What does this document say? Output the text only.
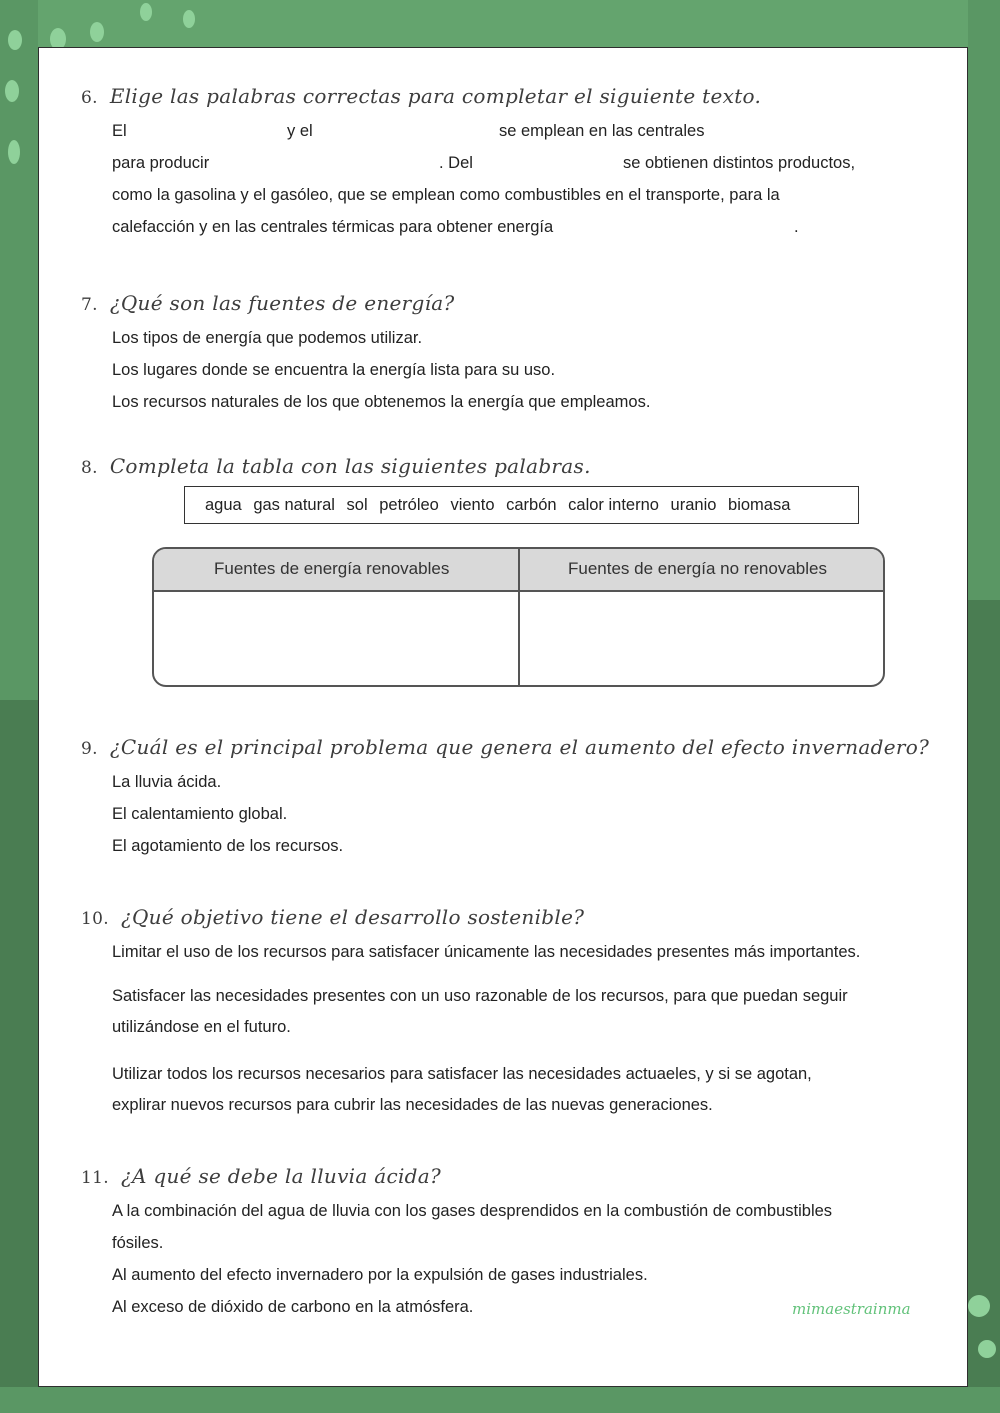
6. Elige las palabras correctas para completar el siguiente texto.
El	y el	se emplean en las centrales
para producir	. Del	se obtienen distintos productos,
como la gasolina y el gasóleo, que se emplean como combustibles en el transporte, para la
calefacción y en las centrales térmicas para obtener energía	.
7. ¿Qué son las fuentes de energía?
Los tipos de energía que podemos utilizar.
Los lugares donde se encuentra la energía lista para su uso.
Los recursos naturales de los que obtenemos la energía que empleamos.
8. Completa la tabla con las siguientes palabras.
agua gas natural sol petróleo viento carbón calor interno uranio biomasa
Fuentes de energía renovables	Fuentes de energía no renovables
9. ¿Cuál es el principal problema que genera el aumento del efecto invernadero?
La lluvia ácida.
El calentamiento global.
El agotamiento de los recursos.
10. ¿Qué objetivo tiene el desarrollo sostenible?
Limitar el uso de los recursos para satisfacer únicamente las necesidades presentes más importantes.
Satisfacer las necesidades presentes con un uso razonable de los recursos, para que puedan seguir
utilizándose en el futuro.
Utilizar todos los recursos necesarios para satisfacer las necesidades actuaeles, y si se agotan,
explirar nuevos recursos para cubrir las necesidades de las nuevas generaciones.
11. ¿A qué se debe la lluvia ácida?
A la combinación del agua de lluvia con los gases desprendidos en la combustión de combustibles
fósiles.
Al aumento del efecto invernadero por la expulsión de gases industriales.
Al exceso de dióxido de carbono en la atmósfera.	mimaestrainma
